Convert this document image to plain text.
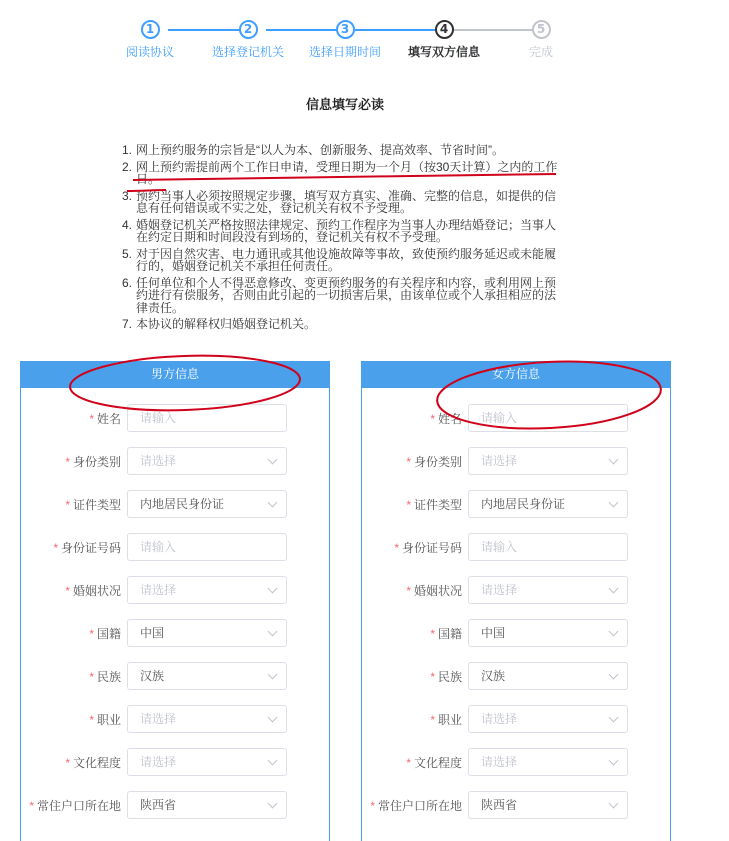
1
阅读协议
2
选择登记机关
3
选择日期时间
4
填写双方信息
5
完成
信息填写必读
1. 网上预约服务的宗旨是“以人为本、创新服务、提高效率、节省时间”。
2. 网上预约需提前两个工作日申请，受理日期为一个月（按30天计算）之内的工作日。
3. 预约当事人必须按照规定步骤，填写双方真实、准确、完整的信息，如提供的信息有任何错误或不实之处，登记机关有权不予受理。
4. 婚姻登记机关严格按照法律规定、预约工作程序为当事人办理结婚登记；当事人在约定日期和时间段没有到场的，登记机关有权不予受理。
5. 对于因自然灾害、电力通讯或其他设施故障等事故，致使预约服务延迟或未能履行的，婚姻登记机关不承担任何责任。
6. 任何单位和个人不得恶意修改、变更预约服务的有关程序和内容，或利用网上预约进行有偿服务，否则由此引起的一切损害后果，由该单位或个人承担相应的法律责任。
7. 本协议的解释权归婚姻登记机关。
男方信息
* 姓名 请输入
* 身份类别 请选择
* 证件类型 内地居民身份证
* 身份证号码 请输入
* 婚姻状况 请选择
* 国籍 中国
* 民族 汉族
* 职业 请选择
* 文化程度 请选择
* 常住户口所在地 陕西省
女方信息
* 姓名 请输入
* 身份类别 请选择
* 证件类型 内地居民身份证
* 身份证号码 请输入
* 婚姻状况 请选择
* 国籍 中国
* 民族 汉族
* 职业 请选择
* 文化程度 请选择
* 常住户口所在地 陕西省
